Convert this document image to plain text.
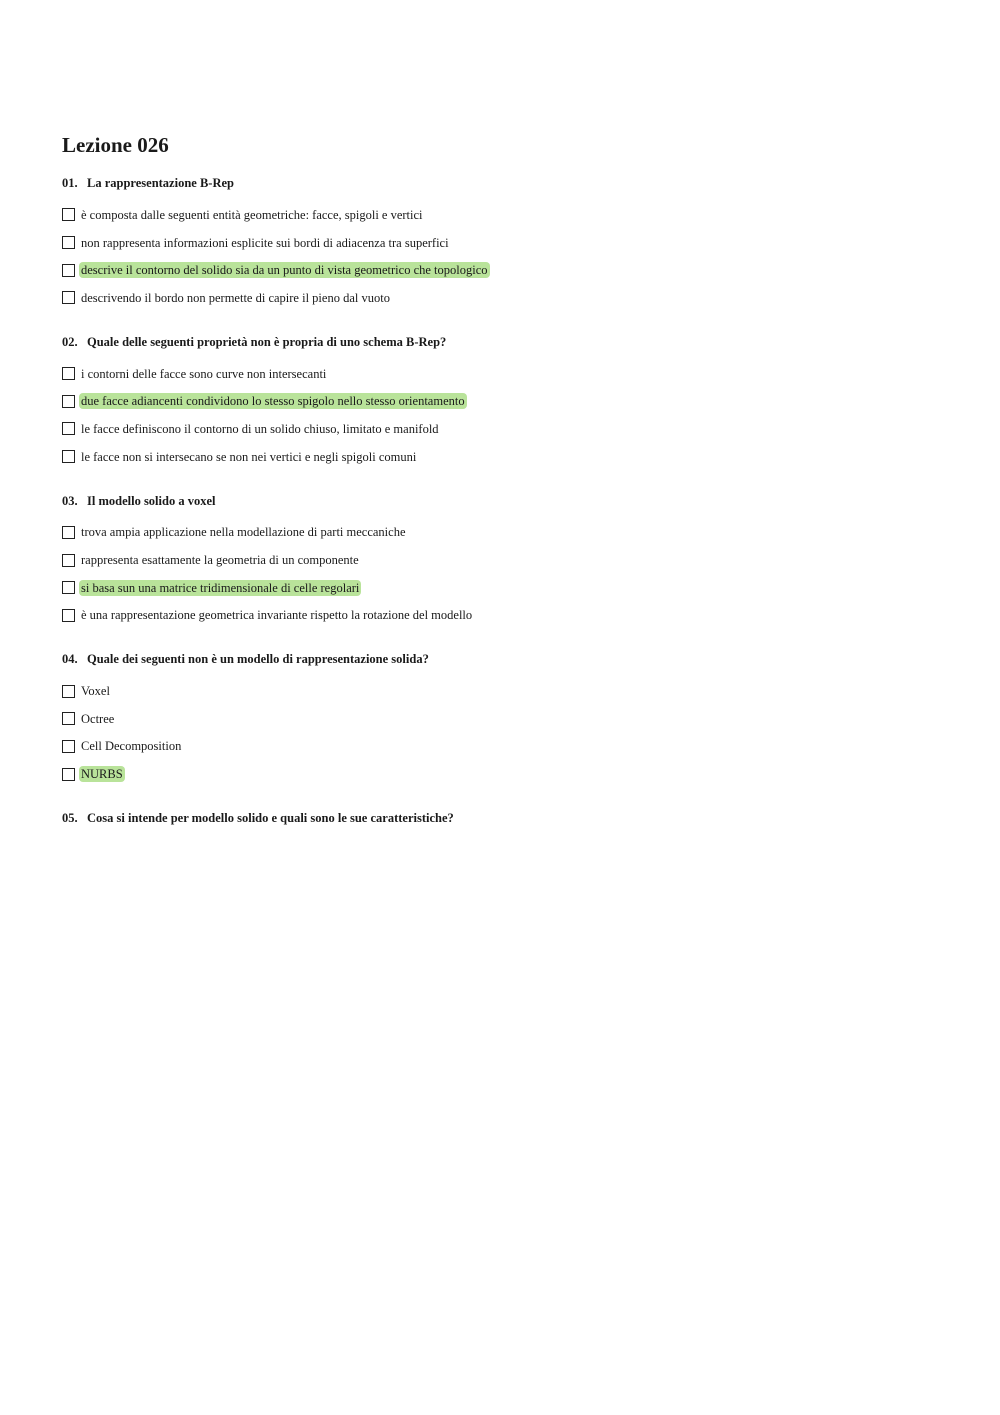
Lezione 026
01. La rappresentazione B-Rep
è composta dalle seguenti entità geometriche: facce, spigoli e vertici
non rappresenta informazioni esplicite sui bordi di adiacenza tra superfici
descrive il contorno del solido sia da un punto di vista geometrico che topologico
descrivendo il bordo non permette di capire il pieno dal vuoto
02. Quale delle seguenti proprietà non è propria di uno schema B-Rep?
i contorni delle facce sono curve non intersecanti
due facce adiancenti condividono lo stesso spigolo nello stesso orientamento
le facce definiscono il contorno di un solido chiuso, limitato e manifold
le facce non si intersecano se non nei vertici e negli spigoli comuni
03. Il modello solido a voxel
trova ampia applicazione nella modellazione di parti meccaniche
rappresenta esattamente la geometria di un componente
si basa sun una matrice tridimensionale di celle regolari
è una rappresentazione geometrica invariante rispetto la rotazione del modello
04. Quale dei seguenti non è un modello di rappresentazione solida?
Voxel
Octree
Cell Decomposition
NURBS
05. Cosa si intende per modello solido e quali sono le sue caratteristiche?
